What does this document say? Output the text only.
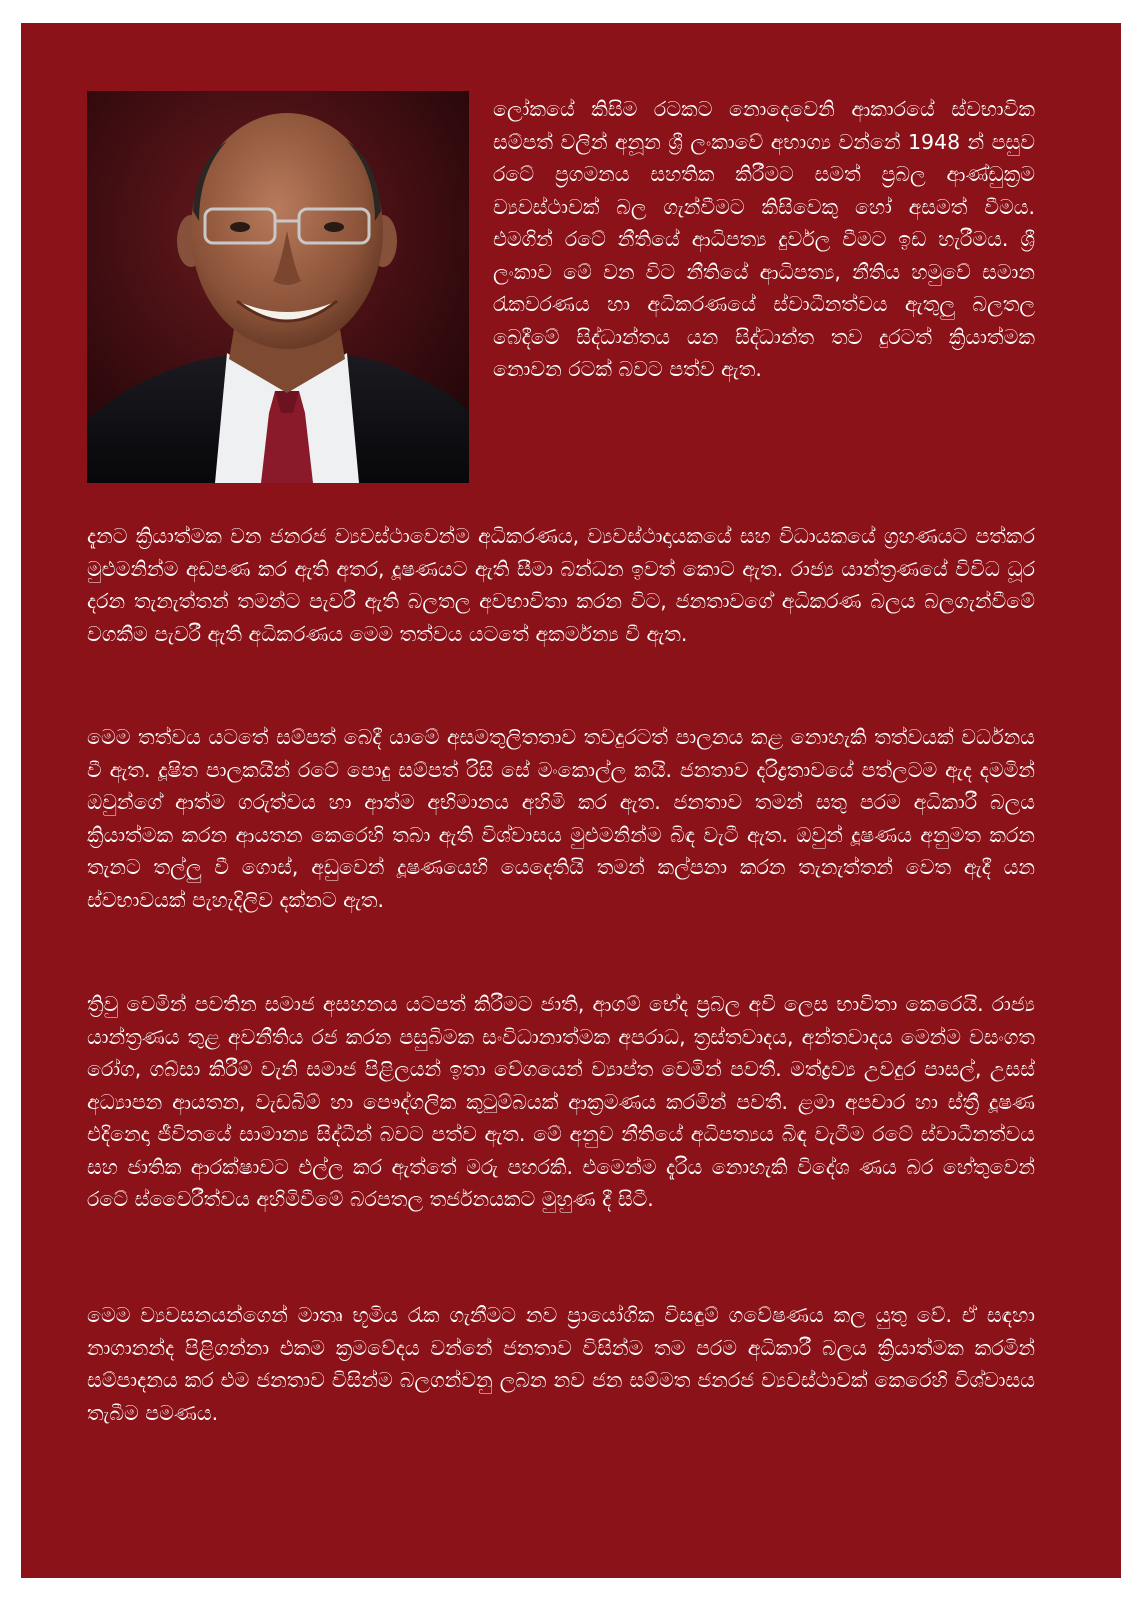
ලෝකයේ කිසිම රටකට නොදෙවෙනි ආකාරයේ ස්වභාවික සම්පත් වලින් අනූන ශ්‍රී ලංකාවේ අභාග්‍ය වන්නේ 1948 න් පසුව රටේ ප්‍රගමනය සහතික කිරීමට සමත් ප්‍රබල ආණ්ඩුක්‍රම ව්‍යවස්ථාවක් බල ගැන්වීමට කිසිවෙකු හෝ අසමත් වීමය. එමගින් රටේ නීතියේ ආධිපත්‍ය දුර්වල වීමට ඉඩ හැරීමය. ශ්‍රී ලංකාව මේ වන විට නීතියේ ආධිපත්‍ය, නීතිය හමුවේ සමාන රැකවරණය හා අධිකරණයේ ස්වාධීනත්වය ඇතුලු බලතල බෙදීමේ සිද්ධාන්තය යන සිද්ධාන්ත තව දුරටත් ක්‍රියාත්මක නොවන රටක් බවට පත්ව ඇත.

දැනට ක්‍රියාත්මක වන ජනරජ ව්‍යවස්ථාවෙන්ම අධිකරණය, ව්‍යවස්ථාදායකයේ සහ විධායකයේ ග්‍රහණයට පත්කර මුළුමනින්ම අඩපණ කර ඇති අතර, දූෂණයට ඇති සීමා බන්ධන ඉවත් කොට ඇත. රාජ්‍ය යාන්ත්‍රණයේ විවිධ ධූර දරන තැනැත්තන් තමන්ට පැවරී ඇති බලතල අවභාවිතා කරන විට, ජනතාවගේ අධිකරණ බලය බලගැන්වීමේ වගකීම පැවරී ඇති අධිකරණය මෙම තත්වය යටතේ අකර්මන්‍ය වී ඇත.

මෙම තත්වය යටතේ සම්පත් බෙදී යාමේ අසමතුලිතතාව තවදුරටත් පාලනය කළ නොහැකි තත්වයක් වර්ධනය වී ඇත. දූෂිත පාලකයින් රටේ පොදු සම්පත් රිසි සේ මංකොල්ල කයි. ජනතාව දරිද්‍රතාවයේ පත්ලටම ඇද දමමින් ඔවුන්ගේ ආත්ම ගරුත්වය හා ආත්ම අභිමානය අහිමි කර ඇත. ජනතාව තමන් සතු පරම අධිකාරී බලය ක්‍රියාත්මක කරන ආයතන කෙරෙහි තබා ඇති විශ්වාසය මුළුමනින්ම බිඳ වැටී ඇත. ඔවුන් දූෂණය අනුමත කරන තැනට තල්ලු වී ගොස්, අඩුවෙන් දූෂණයෙහි යෙදෙතියි තමන් කල්පනා කරන තැනැත්තන් වෙත ඇදී යන ස්වභාවයක් පැහැදිලිව දක්නට ඇත.

ත්‍රිවු වෙමින් පවතින සමාජ අසහනය යටපත් කිරීමට ජාති, ආගම් භේද ප්‍රබල අවි ලෙස භාවිතා කෙරෙයි. රාජ්‍ය යාන්ත්‍රණය තුළ අවනීතිය රජ කරන පසුබිමක සංවිධානාත්මක අපරාධ, ත්‍රස්තවාදය, අන්තවාදය මෙන්ම වසංගත රෝග, ගබ්සා කිරීම් වැනි සමාජ පිළිලයන් ඉතා වේගයෙන් ව්‍යාප්ත වෙමින් පවතී. මත්ද්‍රව්‍ය උවදුර පාසල්, උසස් අධ්‍යාපන ආයතන, වැඩබිම් හා පෞද්ගලික කුටුම්බයක් ආක්‍රමණය කරමින් පවතී. ළමා අපචාර හා ස්ත්‍රී දූෂණ එදිනෙදා ජීවිතයේ සාමාන්‍ය සිද්ධීන් බවට පත්ව ඇත. මේ අනුව නීතියේ අධිපත්‍යය බිඳ වැටීම රටේ ස්වාධීනත්වය සහ ජාතික ආරක්ෂාවට එල්ල කර ඇත්තේ මරු පහරකි. එමෙන්ම දැරිය නොහැකි විදේශ ණය බර හේතුවෙන් රටේ ස්වෛරීත්වය අහිමිවීමේ බරපතල තර්ජනයකට මුහුණ දී සිටී.

මෙම ව්‍යවසනයන්ගෙන් මාතෘ භූමිය රැක ගැනීමට නව ප්‍රායෝගික විසඳුම් ගවේෂණය කල යුතු වේ. ඒ සඳහා නාගානන්ද පිළිගන්නා එකම ක්‍රමවේදය වන්නේ ජනතාව විසින්ම තම පරම අධිකාරී බලය ක්‍රියාත්මක කරමින් සම්පාදනය කර එම ජනතාව විසින්ම බලගන්වනු ලබන නව ජන සම්මත ජනරජ ව්‍යවස්ථාවක් කෙරෙහි විශ්වාසය තැබීම පමණය.
